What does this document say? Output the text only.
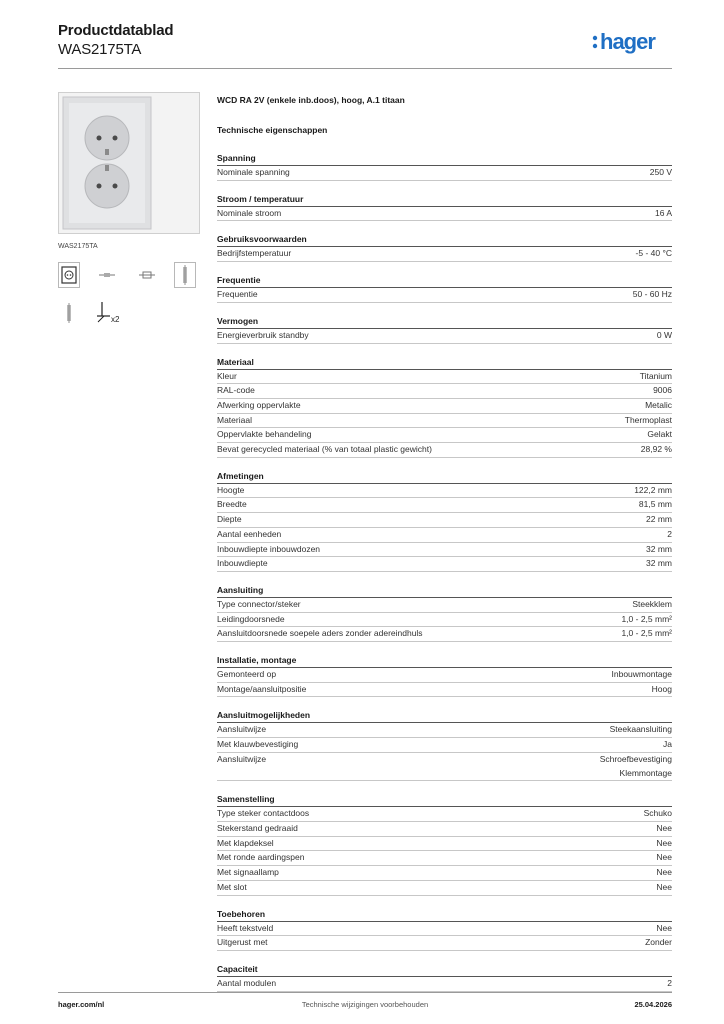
Productdatablad
WAS2175TA	hager
WAS2175TA
x2
WCD RA 2V (enkele inb.doos), hoog, A.1 titaan
Technische eigenschappen
Spanning
Nominale spanning	250 V
Stroom / temperatuur
Nominale stroom	16 A
Gebruiksvoorwaarden
Bedrijfstemperatuur	-5 - 40 °C
Frequentie
Frequentie	50 - 60 Hz
Vermogen
Energieverbruik standby	0 W
Materiaal
Kleur	Titanium
RAL-code	9006
Afwerking oppervlakte	Metalic
Materiaal	Thermoplast
Oppervlakte behandeling	Gelakt
Bevat gerecycled materiaal (% van totaal plastic gewicht)	28,92 %
Afmetingen
Hoogte	122,2 mm
Breedte	81,5 mm
Diepte	22 mm
Aantal eenheden	2
Inbouwdiepte inbouwdozen	32 mm
Inbouwdiepte	32 mm
Aansluiting
Type connector/steker	Steekklem
Leidingdoorsnede	1,0 - 2,5 mm²
Aansluitdoorsnede soepele aders zonder adereindhuls	1,0 - 2,5 mm²
Installatie, montage
Gemonteerd op	Inbouwmontage
Montage/aansluitpositie	Hoog
Aansluitmogelijkheden
Aansluitwijze	Steekaansluiting
Met klauwbevestiging	Ja
Aansluitwijze	Schroefbevestiging
Klemmontage
Samenstelling
Type steker contactdoos	Schuko
Stekerstand gedraaid	Nee
Met klapdeksel	Nee
Met ronde aardingspen	Nee
Met signaallamp	Nee
Met slot	Nee
Toebehoren
Heeft tekstveld	Nee
Uitgerust met	Zonder
Capaciteit
Aantal modulen	2
hager.com/nl	Technische wijzigingen voorbehouden	25.04.2026
